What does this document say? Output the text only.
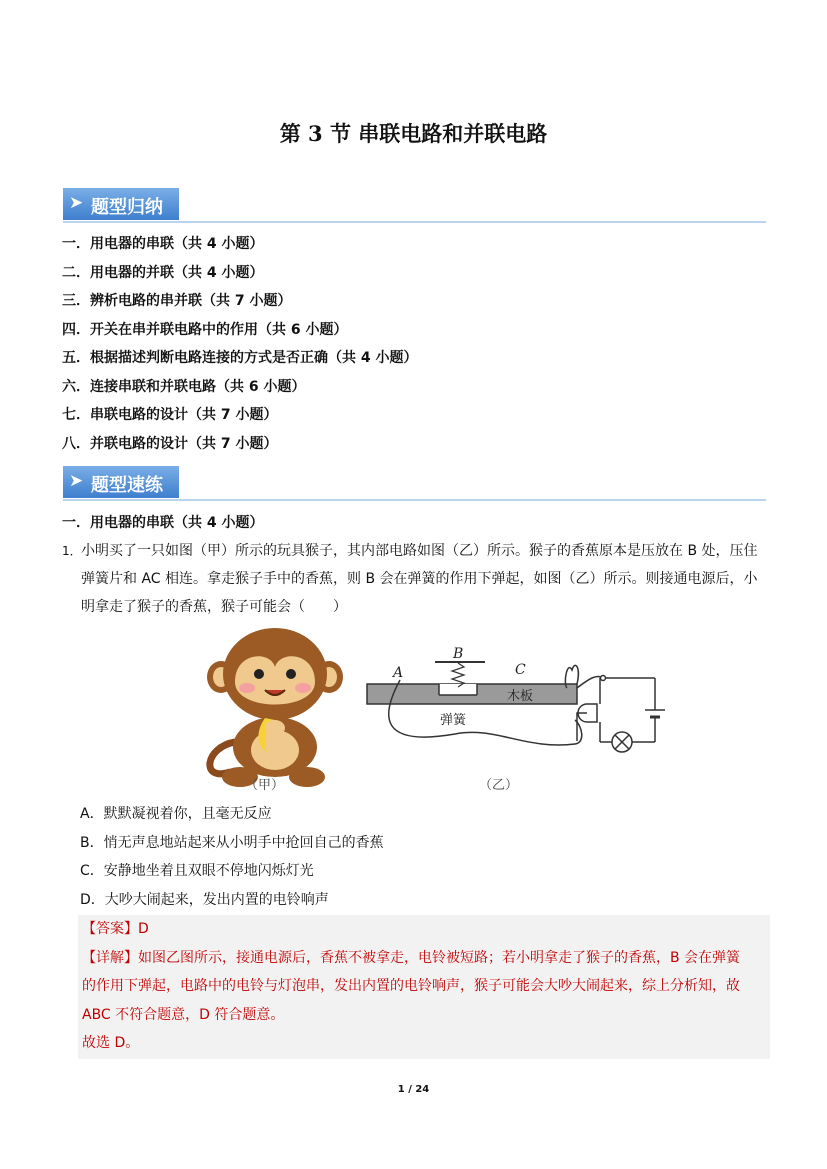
第 3 节 串联电路和并联电路
➤ 题型归纳
一．用电器的串联（共 4 小题）
二．用电器的并联（共 4 小题）
三．辨析电路的串并联（共 7 小题）
四．开关在串并联电路中的作用（共 6 小题）
五．根据描述判断电路连接的方式是否正确（共 4 小题）
六．连接串联和并联电路（共 6 小题）
七．串联电路的设计（共 7 小题）
八．并联电路的设计（共 7 小题）
➤ 题型速练
一．用电器的串联（共 4 小题）
1． 小明买了一只如图（甲）所示的玩具猴子，其内部电路如图（乙）所示。猴子的香蕉原本是压放在 B 处，压住弹簧片和 AC 相连。拿走猴子手中的香蕉，则 B 会在弹簧的作用下弹起，如图（乙）所示。则接通电源后，小明拿走了猴子的香蕉，猴子可能会（　　）
A
B
C
木板
弹簧
（甲）	（乙）
A．默默凝视着你，且毫无反应
B．悄无声息地站起来从小明手中抢回自己的香蕉
C．安静地坐着且双眼不停地闪烁灯光
D．大吵大闹起来，发出内置的电铃响声
【答案】D
【详解】如图乙图所示，接通电源后，香蕉不被拿走，电铃被短路；若小明拿走了猴子的香蕉，B 会在弹簧
的作用下弹起，电路中的电铃与灯泡串，发出内置的电铃响声，猴子可能会大吵大闹起来，综上分析知，故
ABC 不符合题意，D 符合题意。
故选 D。
1 / 24
